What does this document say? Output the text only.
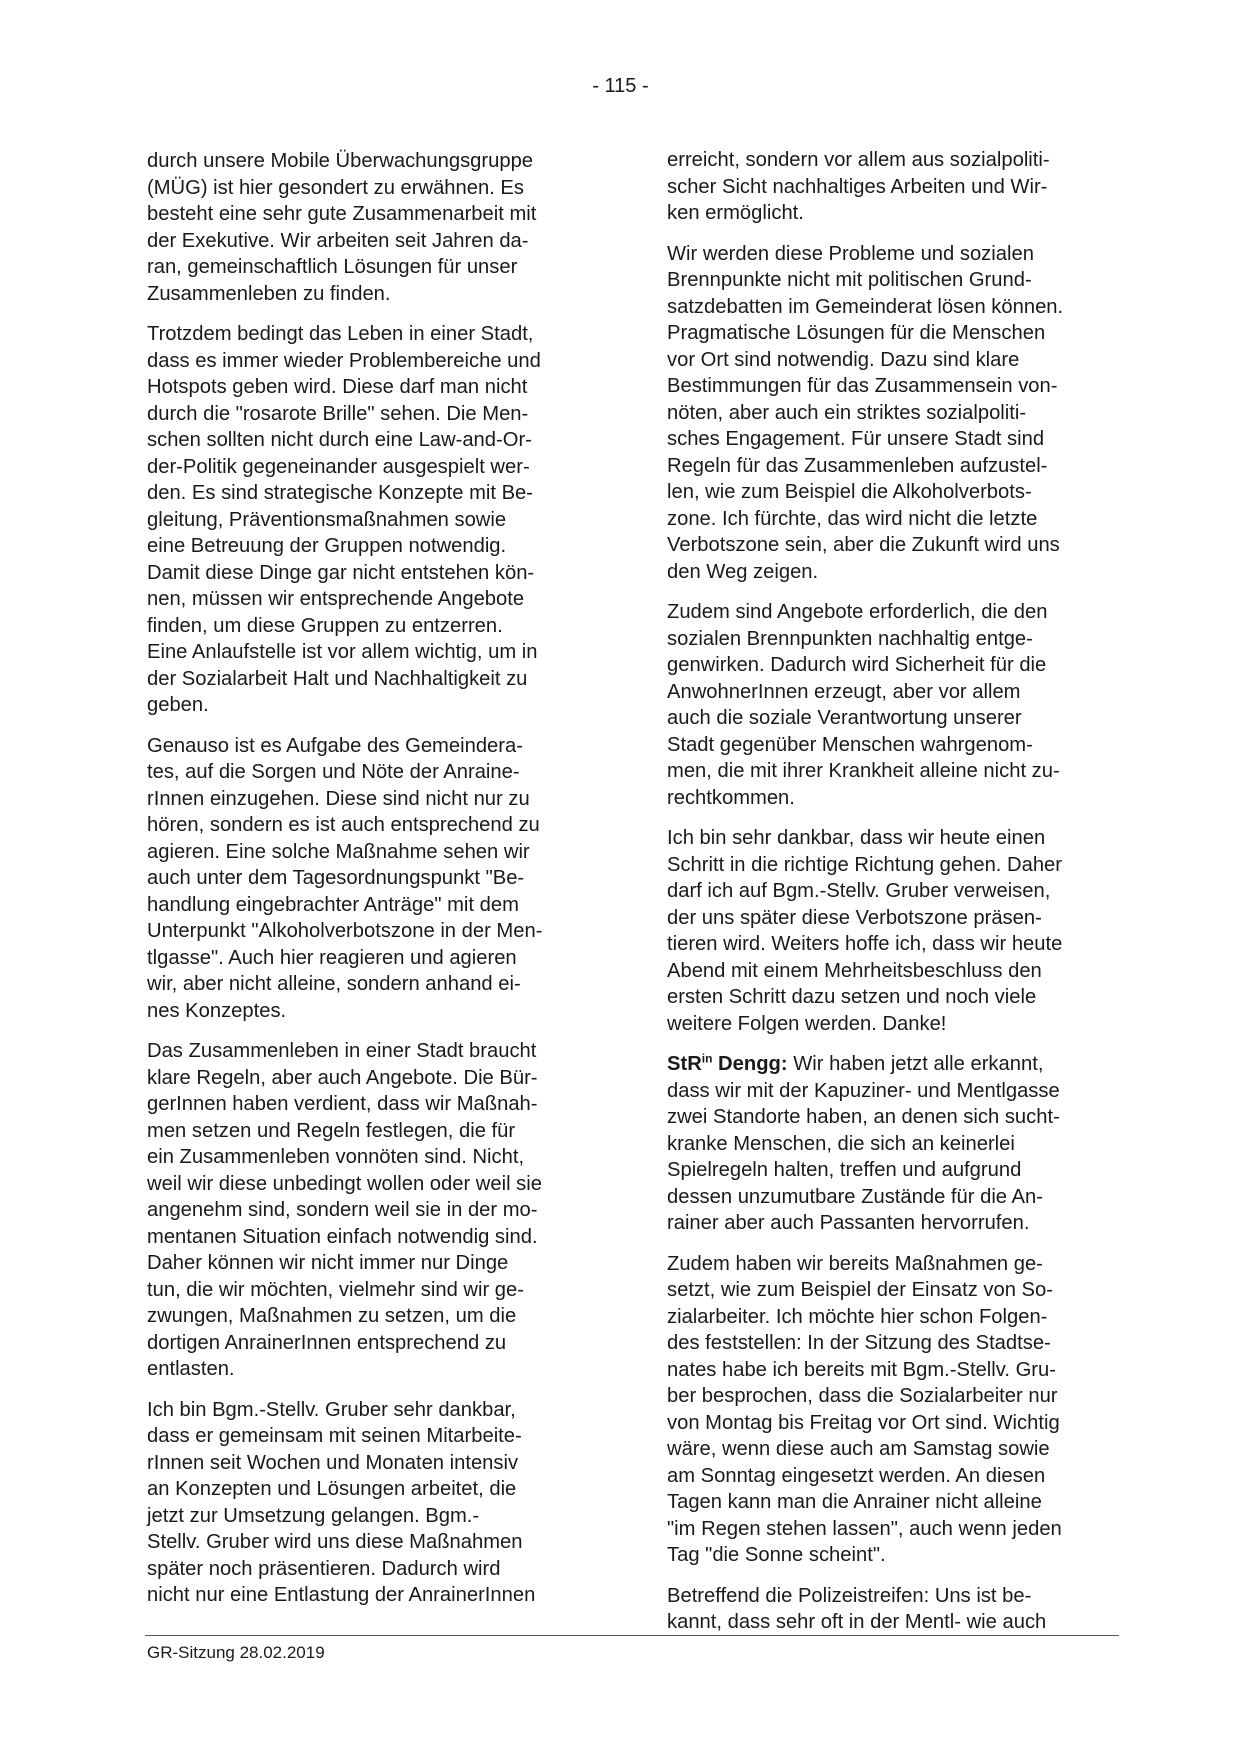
- 115 -

durch unsere Mobile Überwachungsgruppe
(MÜG) ist hier gesondert zu erwähnen. Es
besteht eine sehr gute Zusammenarbeit mit
der Exekutive. Wir arbeiten seit Jahren da-
ran, gemeinschaftlich Lösungen für unser
Zusammenleben zu finden.

Trotzdem bedingt das Leben in einer Stadt,
dass es immer wieder Problembereiche und
Hotspots geben wird. Diese darf man nicht
durch die "rosarote Brille" sehen. Die Men-
schen sollten nicht durch eine Law-and-Or-
der-Politik gegeneinander ausgespielt wer-
den. Es sind strategische Konzepte mit Be-
gleitung, Präventionsmaßnahmen sowie
eine Betreuung der Gruppen notwendig.
Damit diese Dinge gar nicht entstehen kön-
nen, müssen wir entsprechende Angebote
finden, um diese Gruppen zu entzerren.
Eine Anlaufstelle ist vor allem wichtig, um in
der Sozialarbeit Halt und Nachhaltigkeit zu
geben.

Genauso ist es Aufgabe des Gemeindera-
tes, auf die Sorgen und Nöte der Anraine-
rInnen einzugehen. Diese sind nicht nur zu
hören, sondern es ist auch entsprechend zu
agieren. Eine solche Maßnahme sehen wir
auch unter dem Tagesordnungspunkt "Be-
handlung eingebrachter Anträge" mit dem
Unterpunkt "Alkoholverbotszone in der Men-
tlgasse". Auch hier reagieren und agieren
wir, aber nicht alleine, sondern anhand ei-
nes Konzeptes.

Das Zusammenleben in einer Stadt braucht
klare Regeln, aber auch Angebote. Die Bür-
gerInnen haben verdient, dass wir Maßnah-
men setzen und Regeln festlegen, die für
ein Zusammenleben vonnöten sind. Nicht,
weil wir diese unbedingt wollen oder weil sie
angenehm sind, sondern weil sie in der mo-
mentanen Situation einfach notwendig sind.
Daher können wir nicht immer nur Dinge
tun, die wir möchten, vielmehr sind wir ge-
zwungen, Maßnahmen zu setzen, um die
dortigen AnrainerInnen entsprechend zu
entlasten.

Ich bin Bgm.-Stellv. Gruber sehr dankbar,
dass er gemeinsam mit seinen Mitarbeite-
rInnen seit Wochen und Monaten intensiv
an Konzepten und Lösungen arbeitet, die
jetzt zur Umsetzung gelangen. Bgm.-
Stellv. Gruber wird uns diese Maßnahmen
später noch präsentieren. Dadurch wird
nicht nur eine Entlastung der AnrainerInnen

erreicht, sondern vor allem aus sozialpoliti-
scher Sicht nachhaltiges Arbeiten und Wir-
ken ermöglicht.

Wir werden diese Probleme und sozialen
Brennpunkte nicht mit politischen Grund-
satzdebatten im Gemeinderat lösen können.
Pragmatische Lösungen für die Menschen
vor Ort sind notwendig. Dazu sind klare
Bestimmungen für das Zusammensein von-
nöten, aber auch ein striktes sozialpoliti-
sches Engagement. Für unsere Stadt sind
Regeln für das Zusammenleben aufzustel-
len, wie zum Beispiel die Alkoholverbots-
zone. Ich fürchte, das wird nicht die letzte
Verbotszone sein, aber die Zukunft wird uns
den Weg zeigen.

Zudem sind Angebote erforderlich, die den
sozialen Brennpunkten nachhaltig entge-
genwirken. Dadurch wird Sicherheit für die
AnwohnerInnen erzeugt, aber vor allem
auch die soziale Verantwortung unserer
Stadt gegenüber Menschen wahrgenom-
men, die mit ihrer Krankheit alleine nicht zu-
rechtkommen.

Ich bin sehr dankbar, dass wir heute einen
Schritt in die richtige Richtung gehen. Daher
darf ich auf Bgm.-Stellv. Gruber verweisen,
der uns später diese Verbotszone präsen-
tieren wird. Weiters hoffe ich, dass wir heute
Abend mit einem Mehrheitsbeschluss den
ersten Schritt dazu setzen und noch viele
weitere Folgen werden. Danke!

StR$^{in}$ Dengg: Wir haben jetzt alle erkannt,
dass wir mit der Kapuziner- und Mentlgasse
zwei Standorte haben, an denen sich sucht-
kranke Menschen, die sich an keinerlei
Spielregeln halten, treffen und aufgrund
dessen unzumutbare Zustände für die An-
rainer aber auch Passanten hervorrufen.

Zudem haben wir bereits Maßnahmen ge-
setzt, wie zum Beispiel der Einsatz von So-
zialarbeiter. Ich möchte hier schon Folgen-
des feststellen: In der Sitzung des Stadtse-
nates habe ich bereits mit Bgm.-Stellv. Gru-
ber besprochen, dass die Sozialarbeiter nur
von Montag bis Freitag vor Ort sind. Wichtig
wäre, wenn diese auch am Samstag sowie
am Sonntag eingesetzt werden. An diesen
Tagen kann man die Anrainer nicht alleine
"im Regen stehen lassen", auch wenn jeden
Tag "die Sonne scheint".

Betreffend die Polizeistreifen: Uns ist be-
kannt, dass sehr oft in der Mentl- wie auch

GR-Sitzung 28.02.2019
